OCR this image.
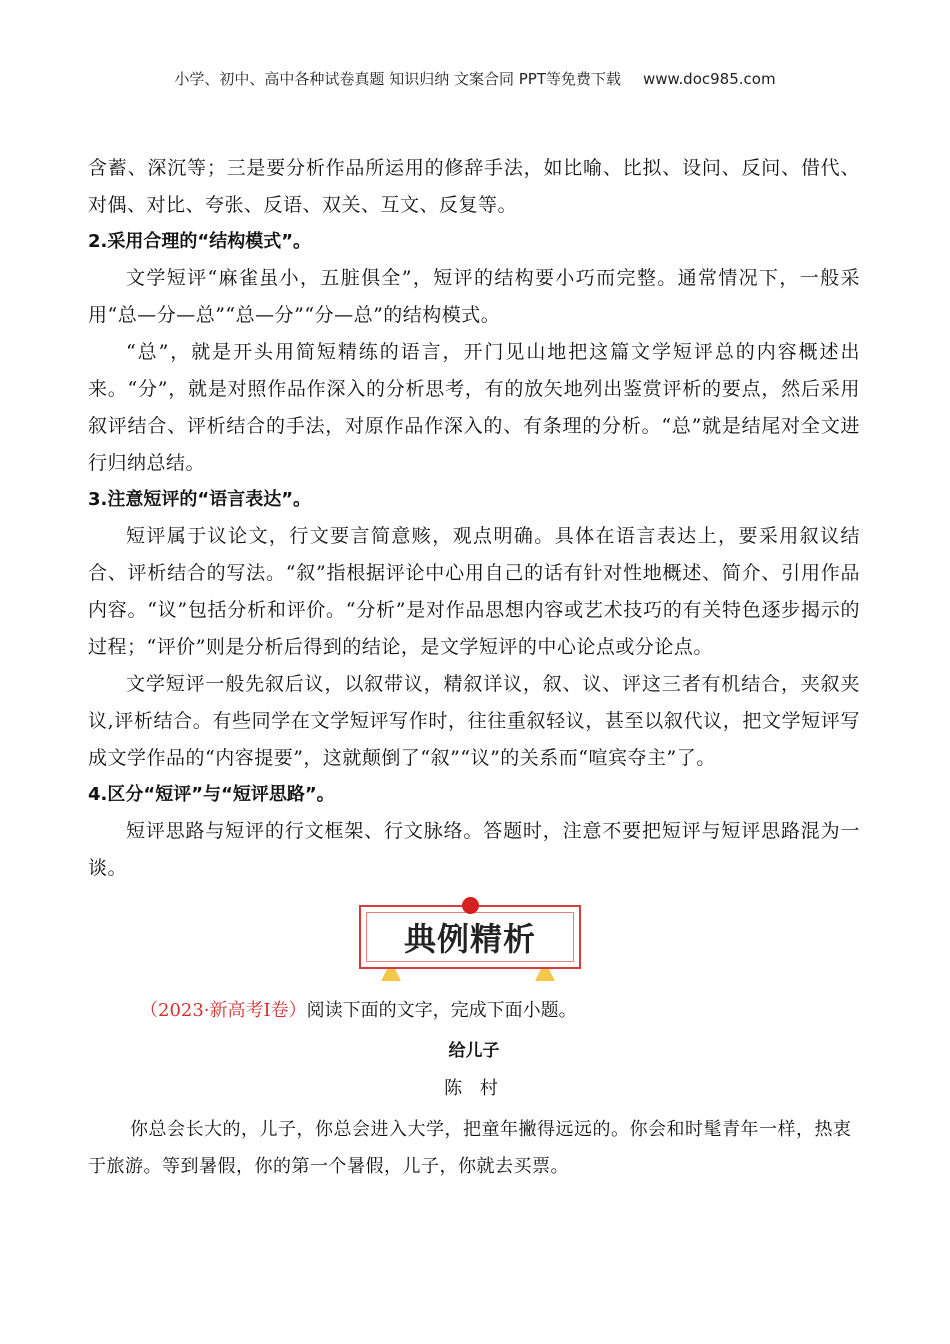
小学、初中、高中各种试卷真题 知识归纳 文案合同 PPT等免费下载 www.doc985.com

含蓄、深沉等；三是要分析作品所运用的修辞手法，如比喻、比拟、设问、反问、借代、对偶、对比、夸张、反语、双关、互文、反复等。

2.采用合理的“结构模式”。

文学短评“麻雀虽小，五脏俱全”，短评的结构要小巧而完整。通常情况下，一般采用“总—分—总”“总—分”“分—总”的结构模式。

“总”，就是开头用简短精练的语言，开门见山地把这篇文学短评总的内容概述出来。“分”，就是对照作品作深入的分析思考，有的放矢地列出鉴赏评析的要点，然后采用叙评结合、评析结合的手法，对原作品作深入的、有条理的分析。“总”就是结尾对全文进行归纳总结。

3.注意短评的“语言表达”。

短评属于议论文，行文要言简意赅，观点明确。具体在语言表达上，要采用叙议结合、评析结合的写法。“叙”指根据评论中心用自己的话有针对性地概述、简介、引用作品内容。“议”包括分析和评价。“分析”是对作品思想内容或艺术技巧的有关特色逐步揭示的过程；“评价”则是分析后得到的结论，是文学短评的中心论点或分论点。

文学短评一般先叙后议，以叙带议，精叙详议，叙、议、评这三者有机结合，夹叙夹议,评析结合。有些同学在文学短评写作时，往往重叙轻议，甚至以叙代议，把文学短评写成文学作品的“内容提要”，这就颠倒了“叙”“议”的关系而“喧宾夺主”了。

4.区分“短评”与“短评思路”。

短评思路与短评的行文框架、行文脉络。答题时，注意不要把短评与短评思路混为一谈。

典例精析

（2023·新高考Ⅰ卷）阅读下面的文字，完成下面小题。

给儿子

陈 村

你总会长大的，儿子，你总会进入大学，把童年撇得远远的。你会和时髦青年一样，热衷于旅游。等到暑假，你的第一个暑假，儿子，你就去买票。
